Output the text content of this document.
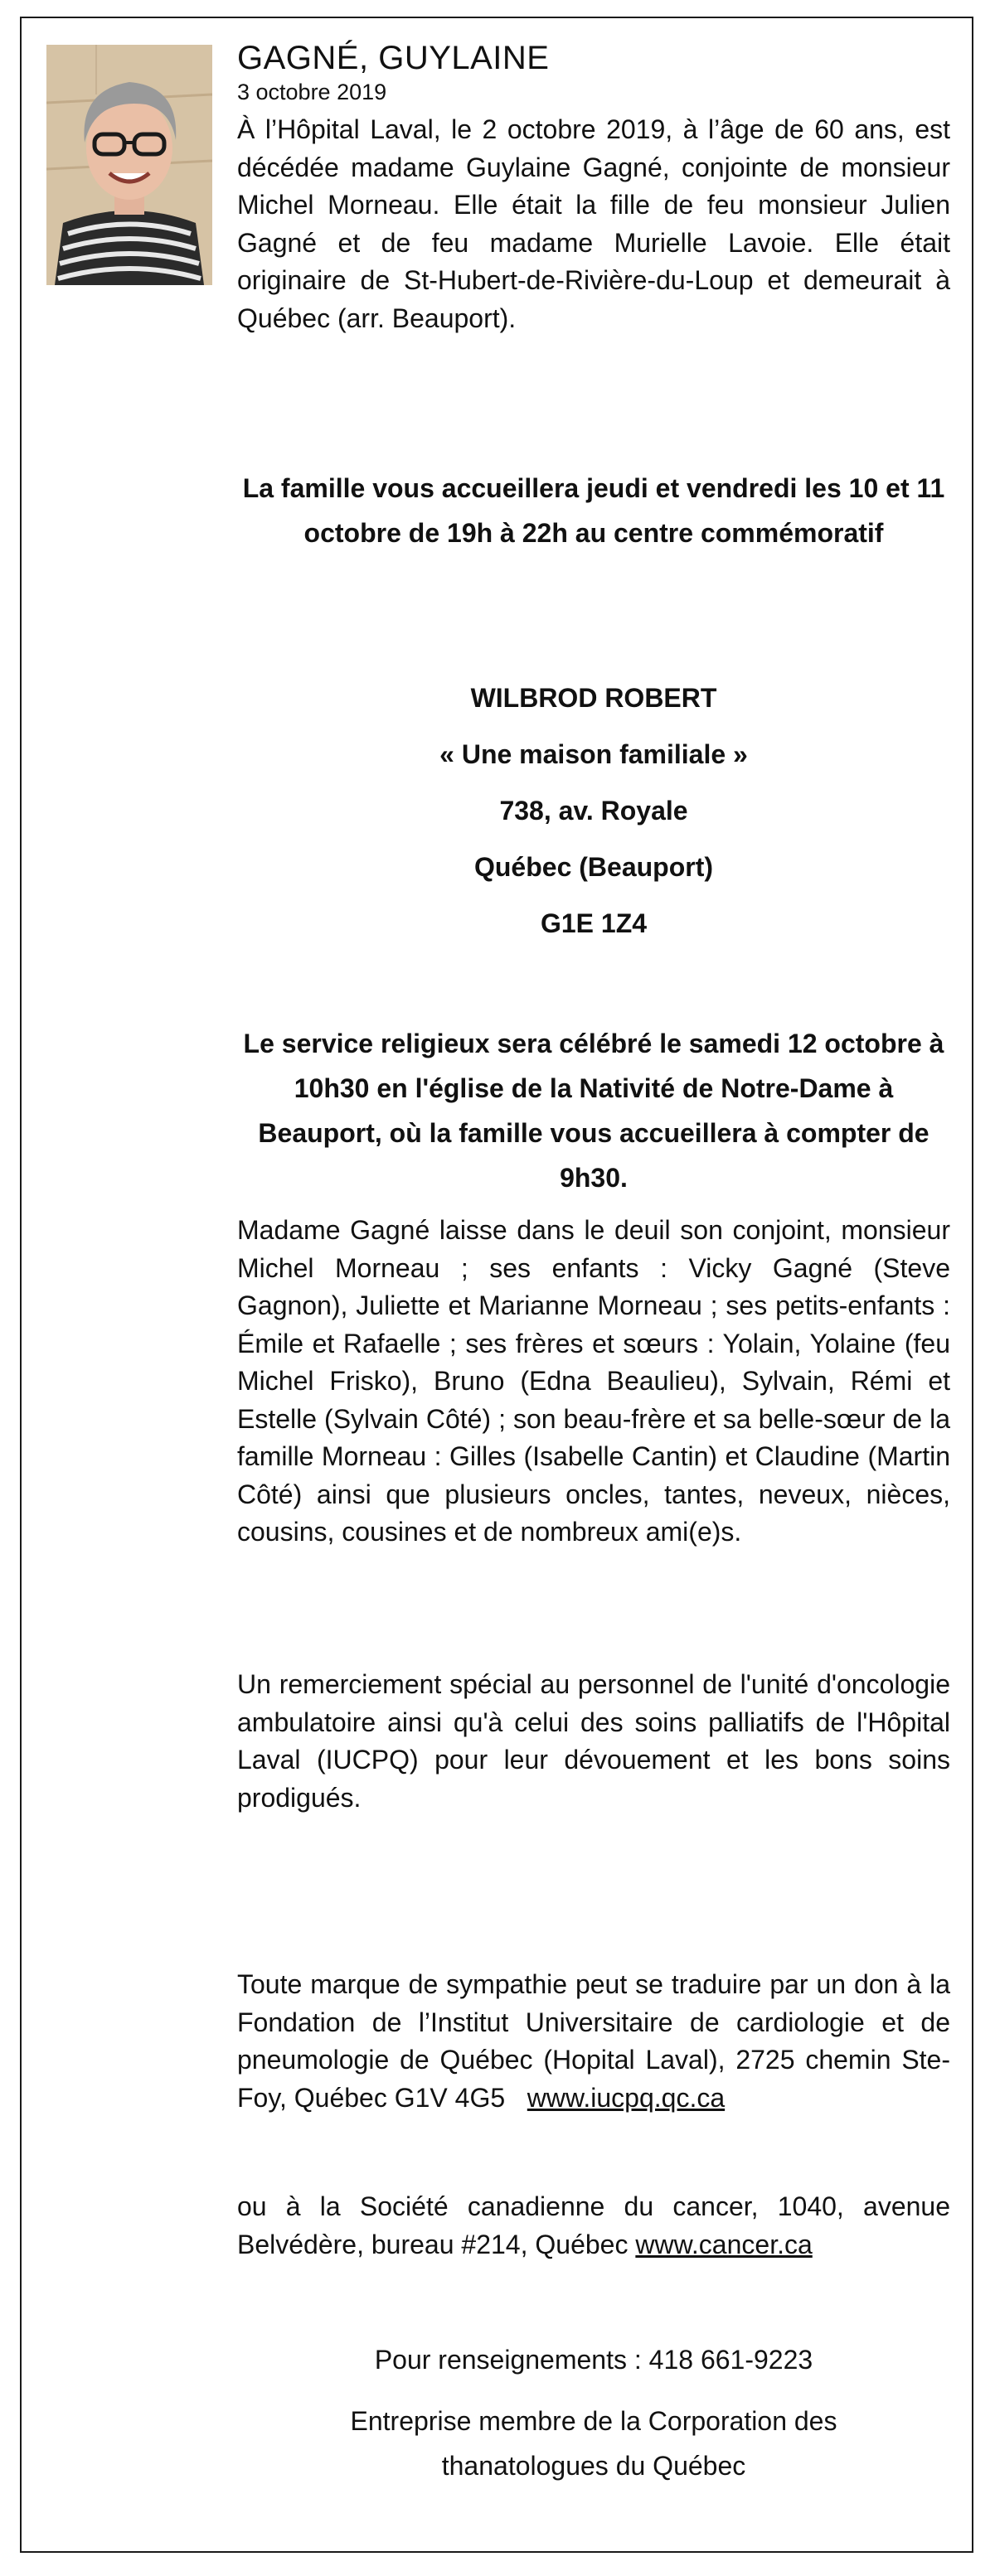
GAGNÉ, GUYLAINE

3 octobre 2019

À l’Hôpital Laval, le 2 octobre 2019, à l’âge de 60 ans, est décédée madame Guylaine Gagné, conjointe de monsieur Michel Morneau. Elle était la fille de feu monsieur Julien Gagné et de feu madame Murielle Lavoie. Elle était originaire de St-Hubert-de-Rivière-du-Loup et demeurait à Québec (arr. Beauport).

La famille vous accueillera jeudi et vendredi les 10 et 11 octobre de 19h à 22h au centre commémoratif

WILBROD ROBERT

« Une maison familiale »

738, av. Royale

Québec (Beauport)

G1E 1Z4

Le service religieux sera célébré le samedi 12 octobre à 10h30 en l'église de la Nativité de Notre-Dame à Beauport, où la famille vous accueillera à compter de 9h30.

Madame Gagné laisse dans le deuil son conjoint, monsieur Michel Morneau ; ses enfants : Vicky Gagné (Steve Gagnon), Juliette et Marianne Morneau ; ses petits-enfants : Émile et Rafaelle ; ses frères et sœurs : Yolain, Yolaine (feu Michel Frisko), Bruno (Edna Beaulieu), Sylvain, Rémi et Estelle (Sylvain Côté) ; son beau-frère et sa belle-sœur de la famille Morneau : Gilles (Isabelle Cantin) et Claudine (Martin Côté) ainsi que plusieurs oncles, tantes, neveux, nièces, cousins, cousines et de nombreux ami(e)s.

Un remerciement spécial au personnel de l'unité d'oncologie ambulatoire ainsi qu'à celui des soins palliatifs de l'Hôpital Laval (IUCPQ) pour leur dévouement et les bons soins prodigués.

Toute marque de sympathie peut se traduire par un don à la Fondation de l’Institut Universitaire de cardiologie et de pneumologie de Québec (Hopital Laval), 2725 chemin Ste-Foy, Québec G1V 4G5 www.iucpq.qc.ca

ou à la Société canadienne du cancer, 1040, avenue Belvédère, bureau #214, Québec www.cancer.ca

Pour renseignements : 418 661-9223

Entreprise membre de la Corporation des

thanatologues du Québec
